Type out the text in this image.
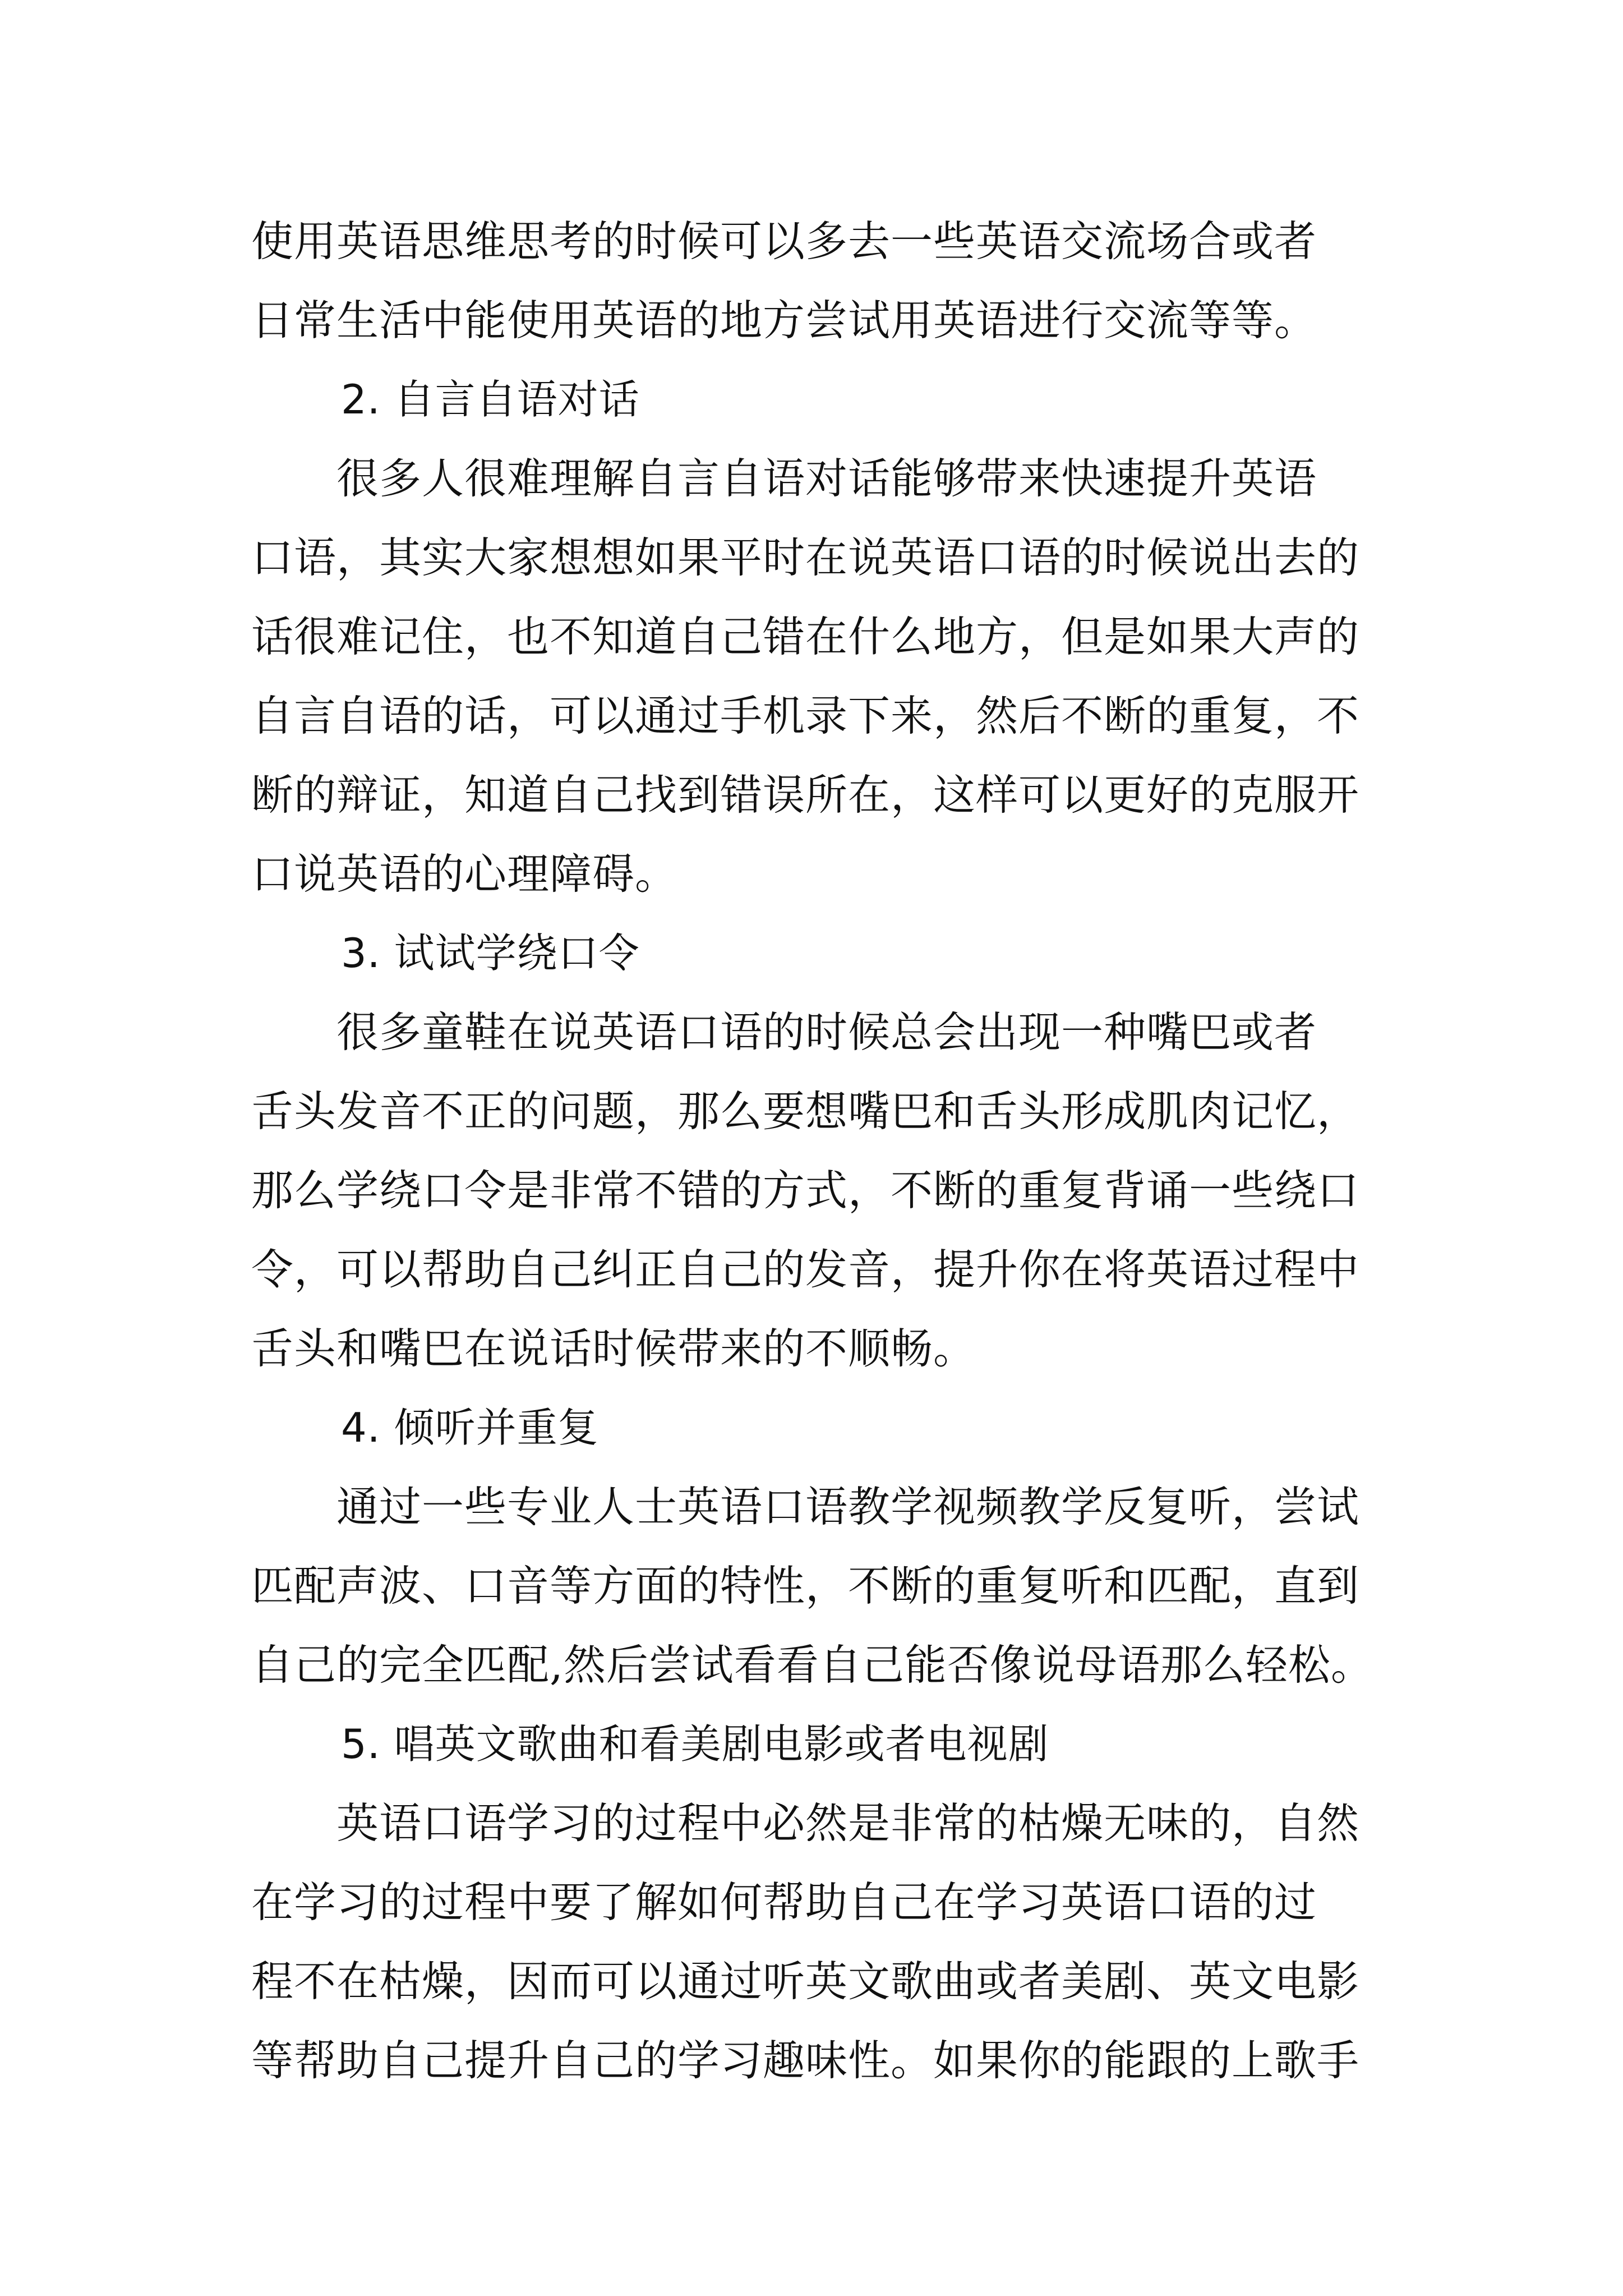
使用英语思维思考的时候可以多去一些英语交流场合或者
日常生活中能使用英语的地方尝试用英语进行交流等等。
2. 自言自语对话
　　很多人很难理解自言自语对话能够带来快速提升英语
口语，其实大家想想如果平时在说英语口语的时候说出去的
话很难记住，也不知道自己错在什么地方，但是如果大声的
自言自语的话，可以通过手机录下来，然后不断的重复，不
断的辩证，知道自己找到错误所在，这样可以更好的克服开
口说英语的心理障碍。
3. 试试学绕口令
　　很多童鞋在说英语口语的时候总会出现一种嘴巴或者
舌头发音不正的问题，那么要想嘴巴和舌头形成肌肉记忆，
那么学绕口令是非常不错的方式，不断的重复背诵一些绕口
令，可以帮助自己纠正自己的发音，提升你在将英语过程中
舌头和嘴巴在说话时候带来的不顺畅。
4. 倾听并重复
　　通过一些专业人士英语口语教学视频教学反复听，尝试
匹配声波、口音等方面的特性，不断的重复听和匹配，直到
自己的完全匹配,然后尝试看看自己能否像说母语那么轻松。
5. 唱英文歌曲和看美剧电影或者电视剧
　　英语口语学习的过程中必然是非常的枯燥无味的，自然
在学习的过程中要了解如何帮助自己在学习英语口语的过
程不在枯燥，因而可以通过听英文歌曲或者美剧、英文电影
等帮助自己提升自己的学习趣味性。如果你的能跟的上歌手
